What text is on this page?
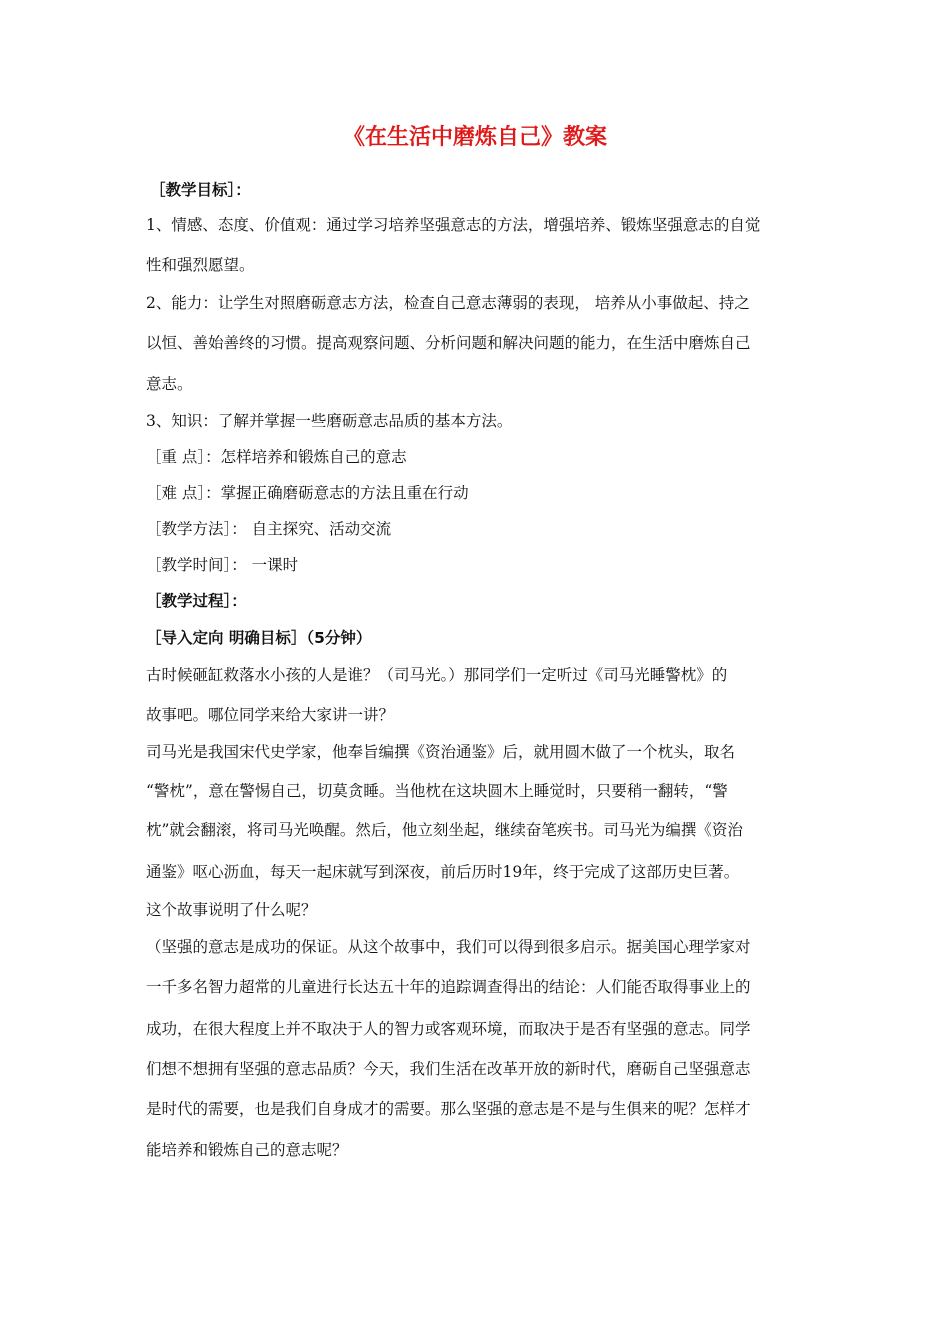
《在生活中磨炼自己》教案
［教学目标］：
1、情感、态度、价值观：通过学习培养坚强意志的方法，增强培养、锻炼坚强意志的自觉
性和强烈愿望。
2、能力：让学生对照磨砺意志方法，检查自己意志薄弱的表现， 培养从小事做起、持之
以恒、善始善终的习惯。提高观察问题、分析问题和解决问题的能力，在生活中磨炼自己
意志。
3、知识：了解并掌握一些磨砺意志品质的基本方法。
［重 点］：怎样培养和锻炼自己的意志
［难 点］：掌握正确磨砺意志的方法且重在行动
［教学方法］： 自主探究、活动交流
［教学时间］： 一课时
［教学过程］：
［导入定向 明确目标］（5分钟）
古时候砸缸救落水小孩的人是谁？（司马光。）那同学们一定听过《司马光睡警枕》的
故事吧。哪位同学来给大家讲一讲？
司马光是我国宋代史学家，他奉旨编撰《资治通鉴》后，就用圆木做了一个枕头，取名
“警枕”，意在警惕自己，切莫贪睡。当他枕在这块圆木上睡觉时，只要稍一翻转，“警
枕”就会翻滚，将司马光唤醒。然后，他立刻坐起，继续奋笔疾书。司马光为编撰《资治
通鉴》呕心沥血，每天一起床就写到深夜，前后历时19年，终于完成了这部历史巨著。
这个故事说明了什么呢？
（坚强的意志是成功的保证。从这个故事中，我们可以得到很多启示。据美国心理学家对
一千多名智力超常的儿童进行长达五十年的追踪调查得出的结论：人们能否取得事业上的
成功，在很大程度上并不取决于人的智力或客观环境，而取决于是否有坚强的意志。同学
们想不想拥有坚强的意志品质？今天，我们生活在改革开放的新时代，磨砺自己坚强意志
是时代的需要，也是我们自身成才的需要。那么坚强的意志是不是与生俱来的呢？怎样才
能培养和锻炼自己的意志呢？
